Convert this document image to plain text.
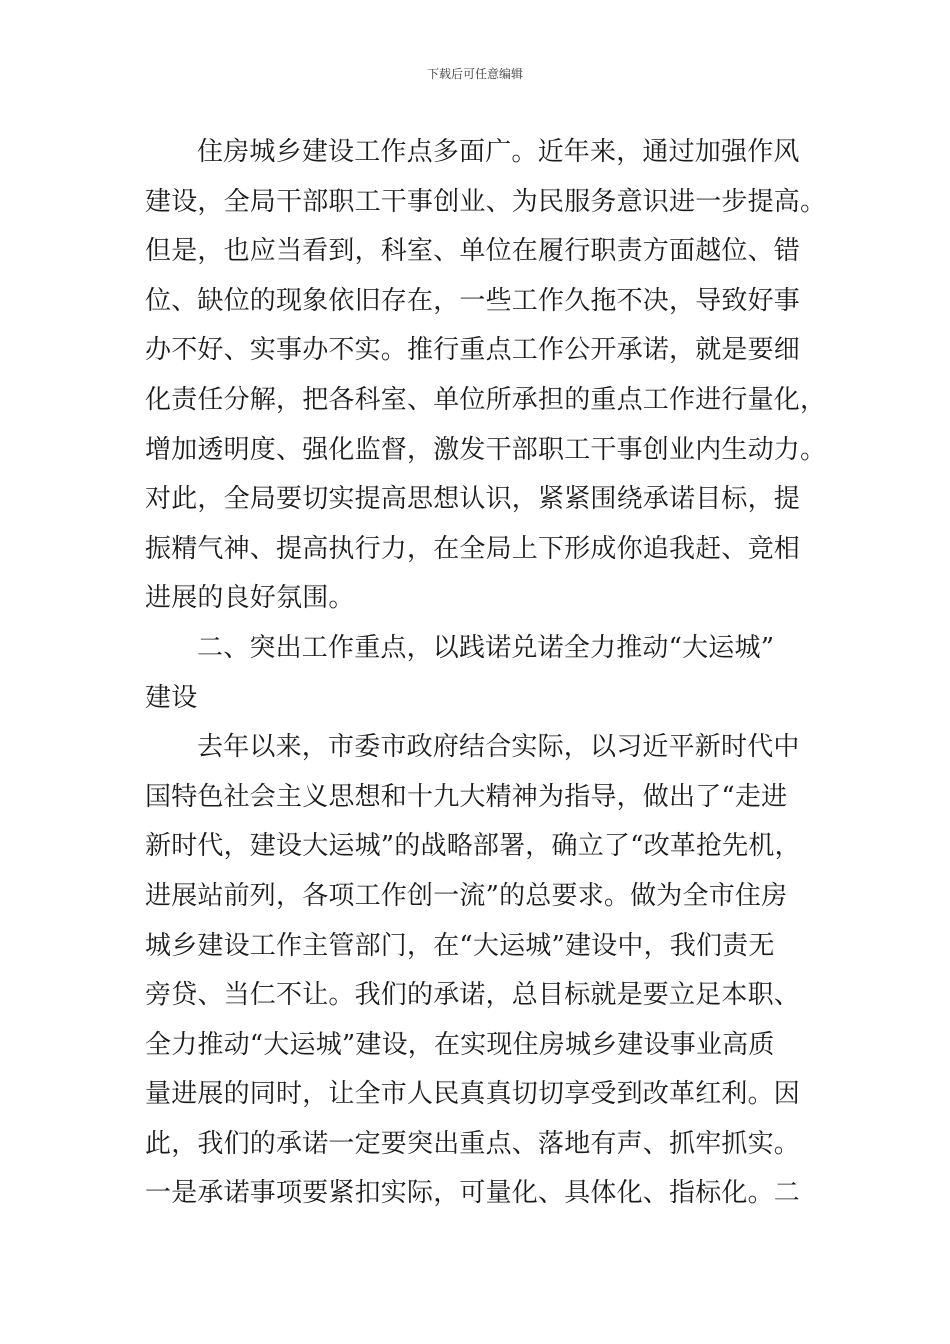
下载后可任意编辑
住房城乡建设工作点多面广。近年来，通过加强作风
建设，全局干部职工干事创业、为民服务意识进一步提高。
但是，也应当看到，科室、单位在履行职责方面越位、错
位、缺位的现象依旧存在，一些工作久拖不决，导致好事
办不好、实事办不实。推行重点工作公开承诺，就是要细
化责任分解，把各科室、单位所承担的重点工作进行量化，
增加透明度、强化监督，激发干部职工干事创业内生动力。
对此，全局要切实提高思想认识，紧紧围绕承诺目标，提
振精气神、提高执行力，在全局上下形成你追我赶、竞相
进展的良好氛围。
二、突出工作重点，以践诺兑诺全力推动“大运城”
建设
去年以来，市委市政府结合实际，以习近平新时代中
国特色社会主义思想和十九大精神为指导，做出了“走进
新时代，建设大运城”的战略部署，确立了“改革抢先机，
进展站前列，各项工作创一流”的总要求。做为全市住房
城乡建设工作主管部门，在“大运城”建设中，我们责无
旁贷、当仁不让。我们的承诺，总目标就是要立足本职、
全力推动“大运城”建设，在实现住房城乡建设事业高质
量进展的同时，让全市人民真真切切享受到改革红利。因
此，我们的承诺一定要突出重点、落地有声、抓牢抓实。
一是承诺事项要紧扣实际，可量化、具体化、指标化。二
